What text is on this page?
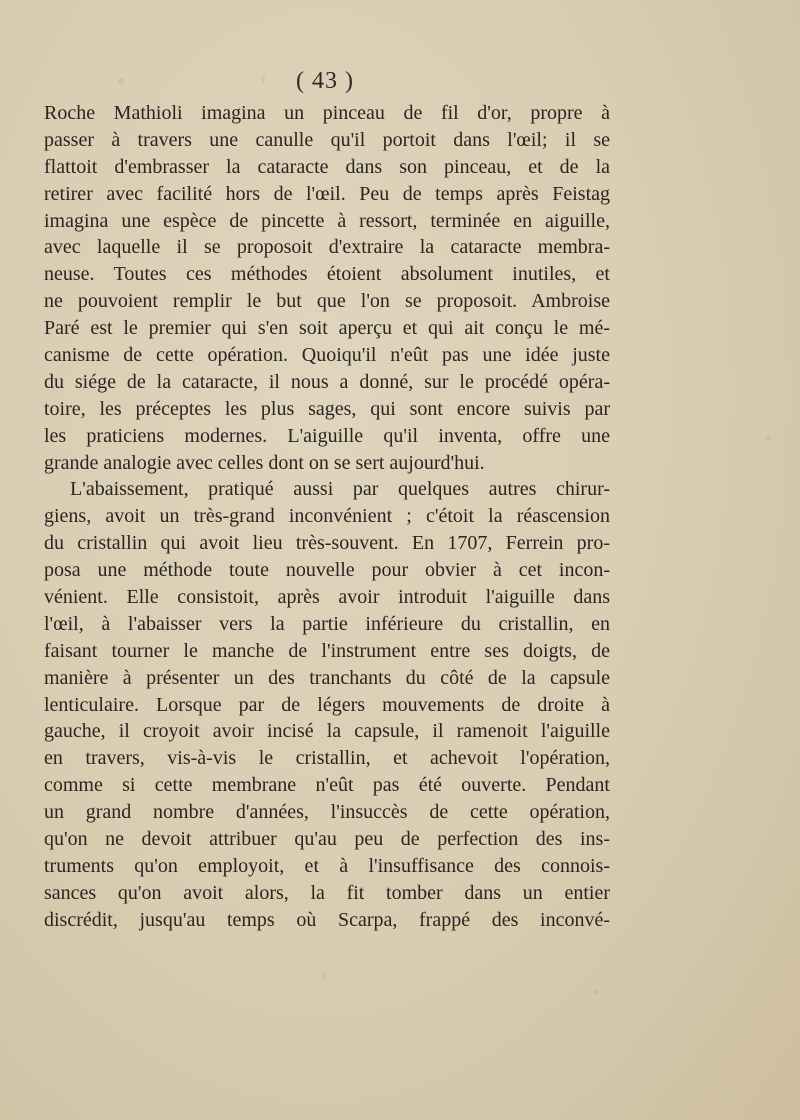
( 43 )
Roche Mathioli imagina un pinceau de fil d'or, propre à
passer à travers une canulle qu'il portoit dans l'œil; il se
flattoit d'embrasser la cataracte dans son pinceau, et de la
retirer avec facilité hors de l'œil. Peu de temps après Feistag
imagina une espèce de pincette à ressort, terminée en aiguille,
avec laquelle il se proposoit d'extraire la cataracte membra-
neuse. Toutes ces méthodes étoient absolument inutiles, et
ne pouvoient remplir le but que l'on se proposoit. Ambroise
Paré est le premier qui s'en soit aperçu et qui ait conçu le mé-
canisme de cette opération. Quoiqu'il n'eût pas une idée juste
du siége de la cataracte, il nous a donné, sur le procédé opéra-
toire, les préceptes les plus sages, qui sont encore suivis par
les praticiens modernes. L'aiguille qu'il inventa, offre une
grande analogie avec celles dont on se sert aujourd'hui.
L'abaissement, pratiqué aussi par quelques autres chirur-
giens, avoit un très-grand inconvénient ; c'étoit la réascension
du cristallin qui avoit lieu très-souvent. En 1707, Ferrein pro-
posa une méthode toute nouvelle pour obvier à cet incon-
vénient. Elle consistoit, après avoir introduit l'aiguille dans
l'œil, à l'abaisser vers la partie inférieure du cristallin, en
faisant tourner le manche de l'instrument entre ses doigts, de
manière à présenter un des tranchants du côté de la capsule
lenticulaire. Lorsque par de légers mouvements de droite à
gauche, il croyoit avoir incisé la capsule, il ramenoit l'aiguille
en travers, vis-à-vis le cristallin, et achevoit l'opération,
comme si cette membrane n'eût pas été ouverte. Pendant
un grand nombre d'années, l'insuccès de cette opération,
qu'on ne devoit attribuer qu'au peu de perfection des ins-
truments qu'on employoit, et à l'insuffisance des connois-
sances qu'on avoit alors, la fit tomber dans un entier
discrédit, jusqu'au temps où Scarpa, frappé des inconvé-
